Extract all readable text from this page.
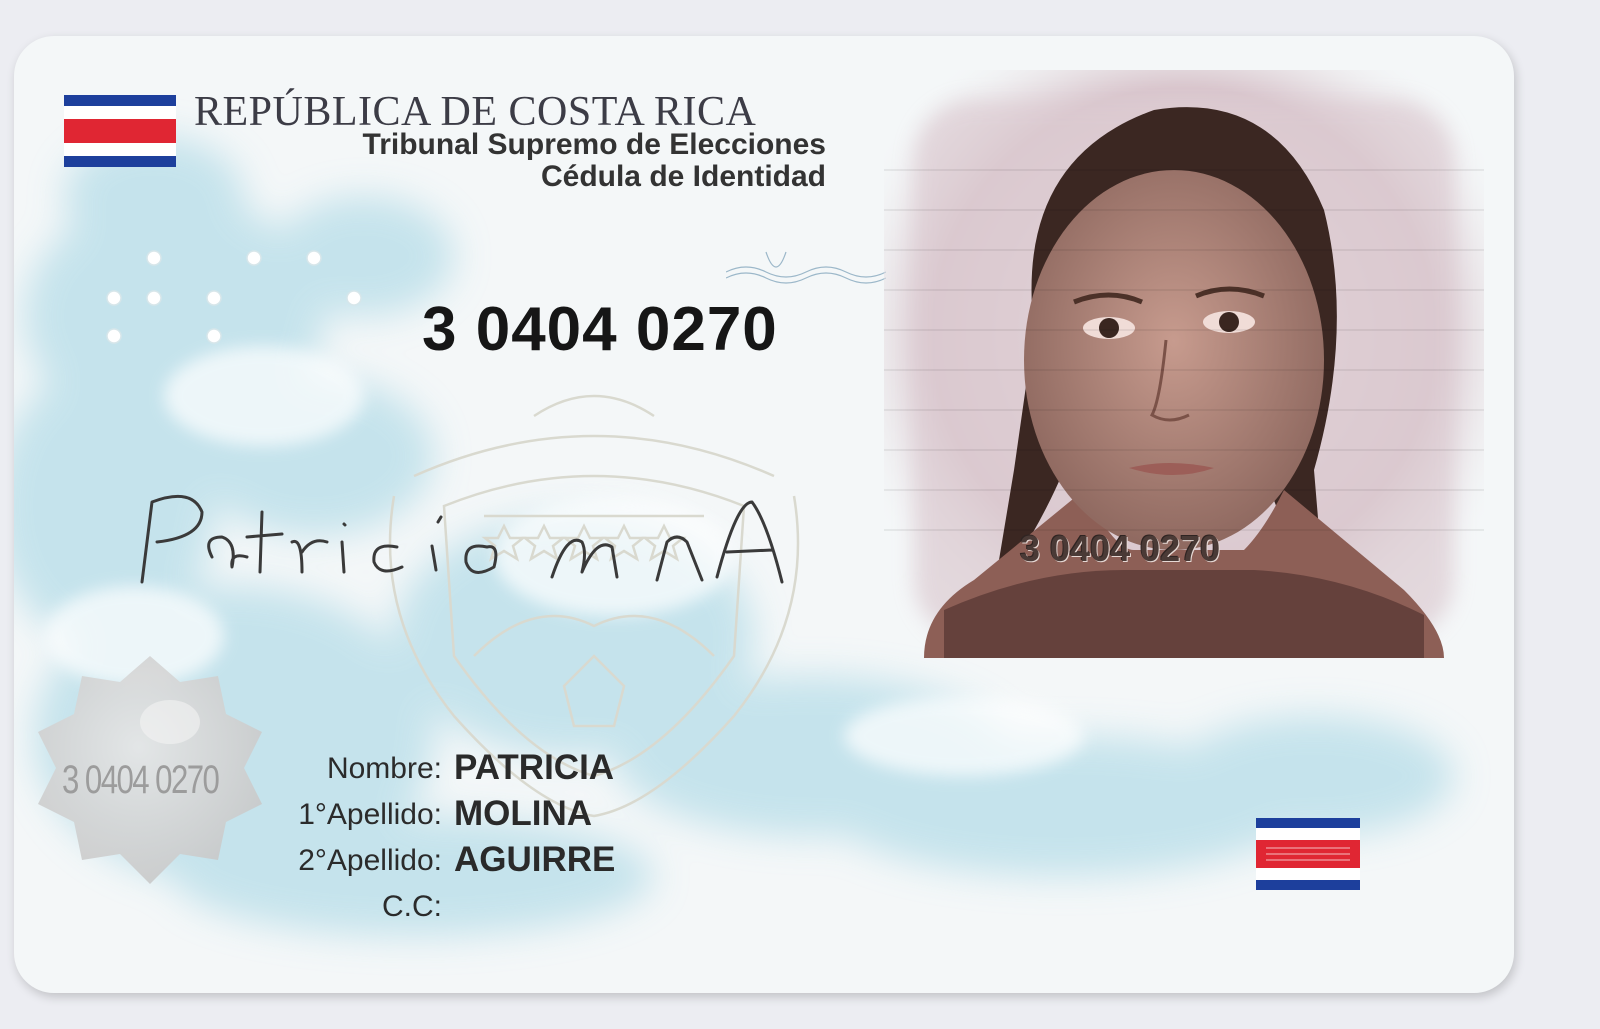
REPÚBLICA DE COSTA RICA
Tribunal Supremo de Elecciones
Cédula de Identidad
3 0404 0270
3 0404 0270
3 0404 0270	Nombre: PATRICIA
1°Apellido: MOLINA
2°Apellido: AGUIRRE
C.C:
